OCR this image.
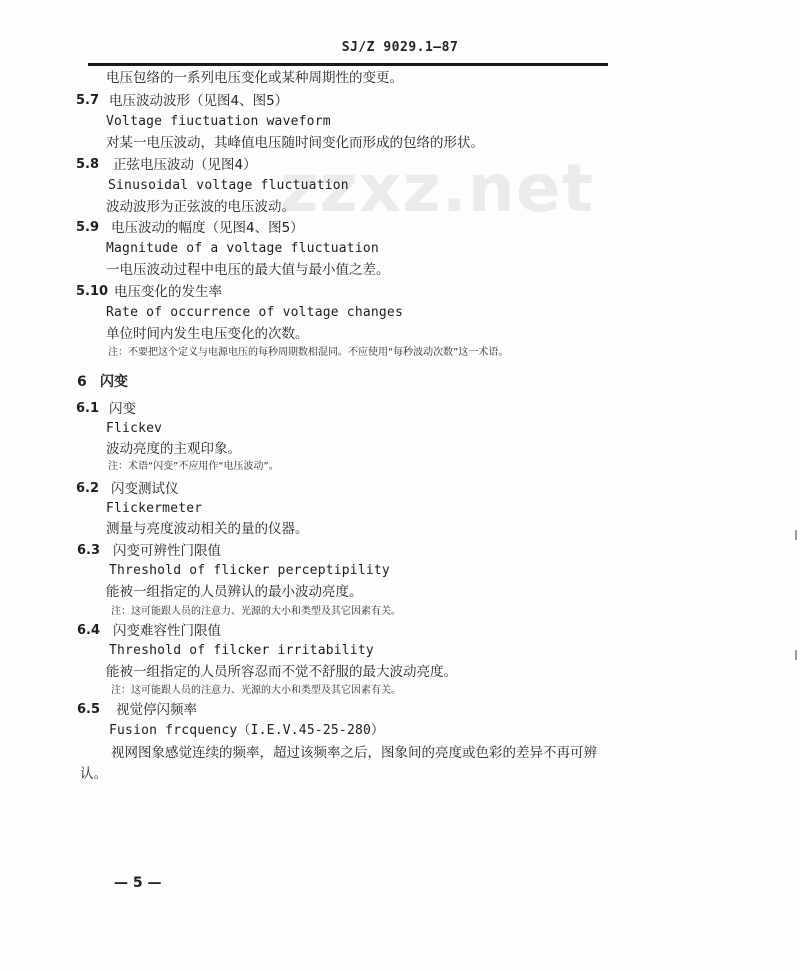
SJ/Z 9029.1—87
zzxz.net
电压包络的一系列电压变化或某种周期性的变更。
5.7 电压波动波形（见图4、图5）
Voltage fiuctuation waveform
对某一电压波动，其峰值电压随时间变化而形成的包络的形状。
5.8 正弦电压波动（见图4）
Sinusoidal voltage fluctuation
波动波形为正弦波的电压波动。
5.9 电压波动的幅度（见图4、图5）
Magnitude of a voltage fluctuation
一电压波动过程中电压的最大值与最小值之差。
5.10 电压变化的发生率
Rate of occurrence of voltage changes
单位时间内发生电压变化的次数。
注：不要把这个定义与电源电压的每秒周期数相混同。不应使用“每秒波动次数”这一术语。
6 闪变
6.1 闪变
Flickev
波动亮度的主观印象。
注：术语“闪变”不应用作“电压波动”。
6.2 闪变测试仪
Flickermeter
测量与亮度波动相关的量的仪器。
6.3 闪变可辨性门限值
Threshold of flicker perceptipility
能被一组指定的人员辨认的最小波动亮度。
注：这可能跟人员的注意力、光源的大小和类型及其它因素有关。
6.4 闪变难容性门限值
Threshold of filcker irritability
能被一组指定的人员所容忍而不觉不舒服的最大波动亮度。
注：这可能跟人员的注意力、光源的大小和类型及其它因素有关。
6.5 视觉停闪频率
Fusion frcquency（I.E.V.45-25-280）
视网图象感觉连续的频率，超过该频率之后，图象间的亮度或色彩的差异不再可辨
认。
— 5 —
